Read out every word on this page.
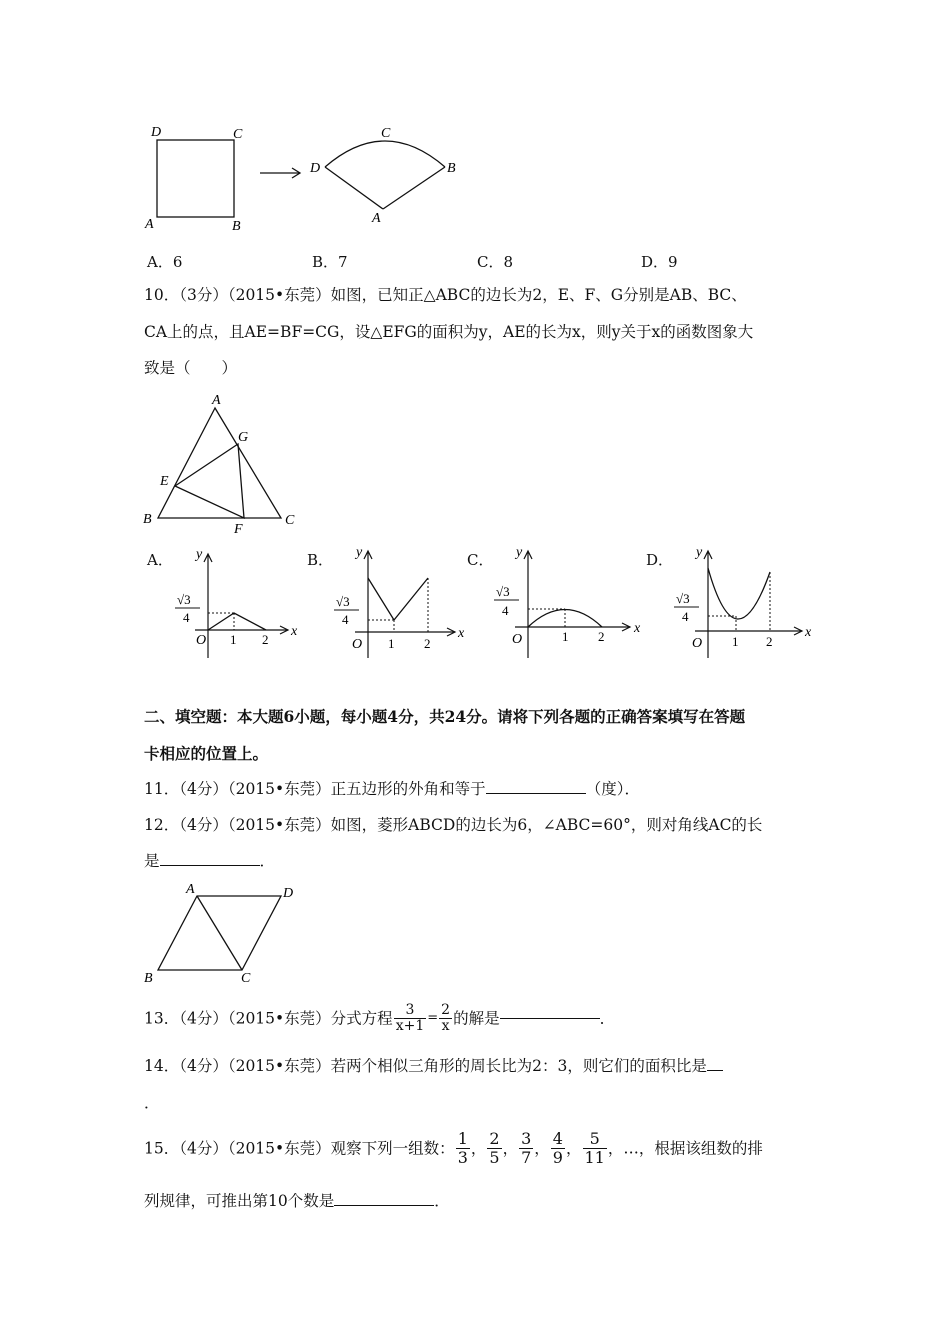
D	C
A	B
C
D	B
A
A．6	B．7	C．8	D．9
10．（3分）（2015•东莞）如图，已知正△ABC的边长为2，E、F、G分别是AB、BC、
CA上的点，且AE=BF=CG，设△EFG的面积为y，AE的长为x，则y关于x的函数图象大
致是（　　）
A
G
E
B
F
C
A．	B．	C．	D．
y
x
O 1 2
√3
4
y
x
O 1 2
√3
4
y
x
O	1 2
√3
4
y
x
O 1 2
√3
4
二、填空题：本大题6小题，每小题4分，共24分。请将下列各题的正确答案填写在答题
卡相应的位置上。
11．（4分）（2015•东莞）正五边形的外角和等于	（度）．
12．（4分）（2015•东莞）如图，菱形ABCD的边长为6，∠ABC=60°，则对角线AC的长
是	．
A	D
B	C
13．（4分）（2015•东莞）分式方程 $\frac{3}{x+1} = \frac{2}{x}$ 的解是	．
14．（4分）（2015•东莞）若两个相似三角形的周长比为2：3，则它们的面积比是
．
15．（4分）（2015•东莞）观察下列一组数： $\frac{1}{3}$ ， $\frac{2}{5}$ ， $\frac{3}{7}$ ， $\frac{4}{9}$ ， $\frac{5}{11}$ ，…，根据该组数的排
列规律，可推出第10个数是	．
